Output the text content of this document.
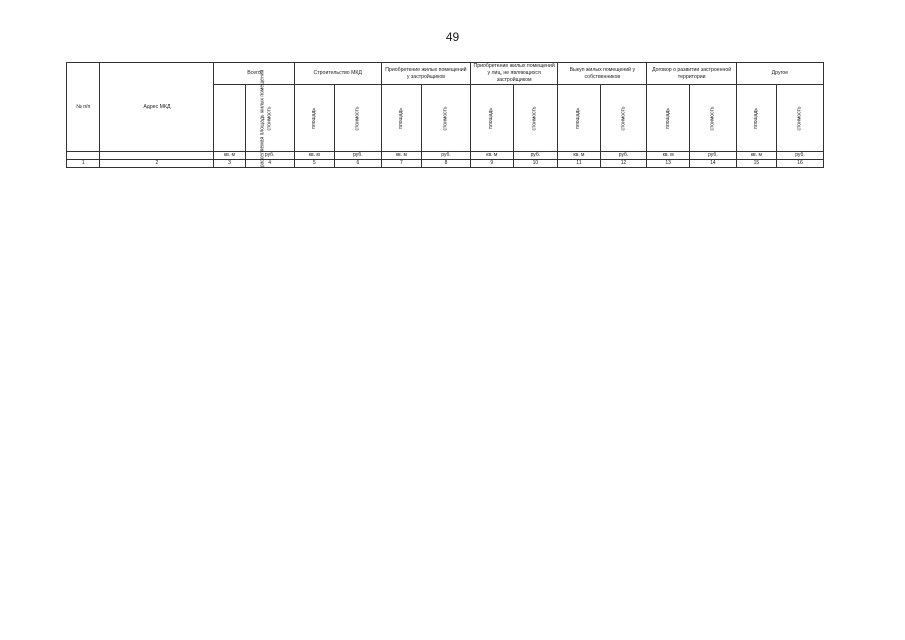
49
№ п/п	Адрес МКД	Всего		Строительство МКД		Приобретение жилых помещений у застройщиков		Приобретение жилых помещений у лиц, не являющихся застройщиком		Выкуп жилых помещений у собственников		Договор о развитии застроенной территории		Другое	
		расселяемая площадь жилых помещений	стоимость	площадь	стоимость	площадь	стоимость	площадь	стоимость	площадь	стоимость	площадь	стоимость	площадь	стоимость
		кв. м	руб.	кв. м	руб.	кв. м	руб.	кв. м	руб.	кв. м	руб.	кв. м	руб.	кв. м	руб.
1	2	3	4	5	6	7	8	9	10	11	12	13	14	15	16
